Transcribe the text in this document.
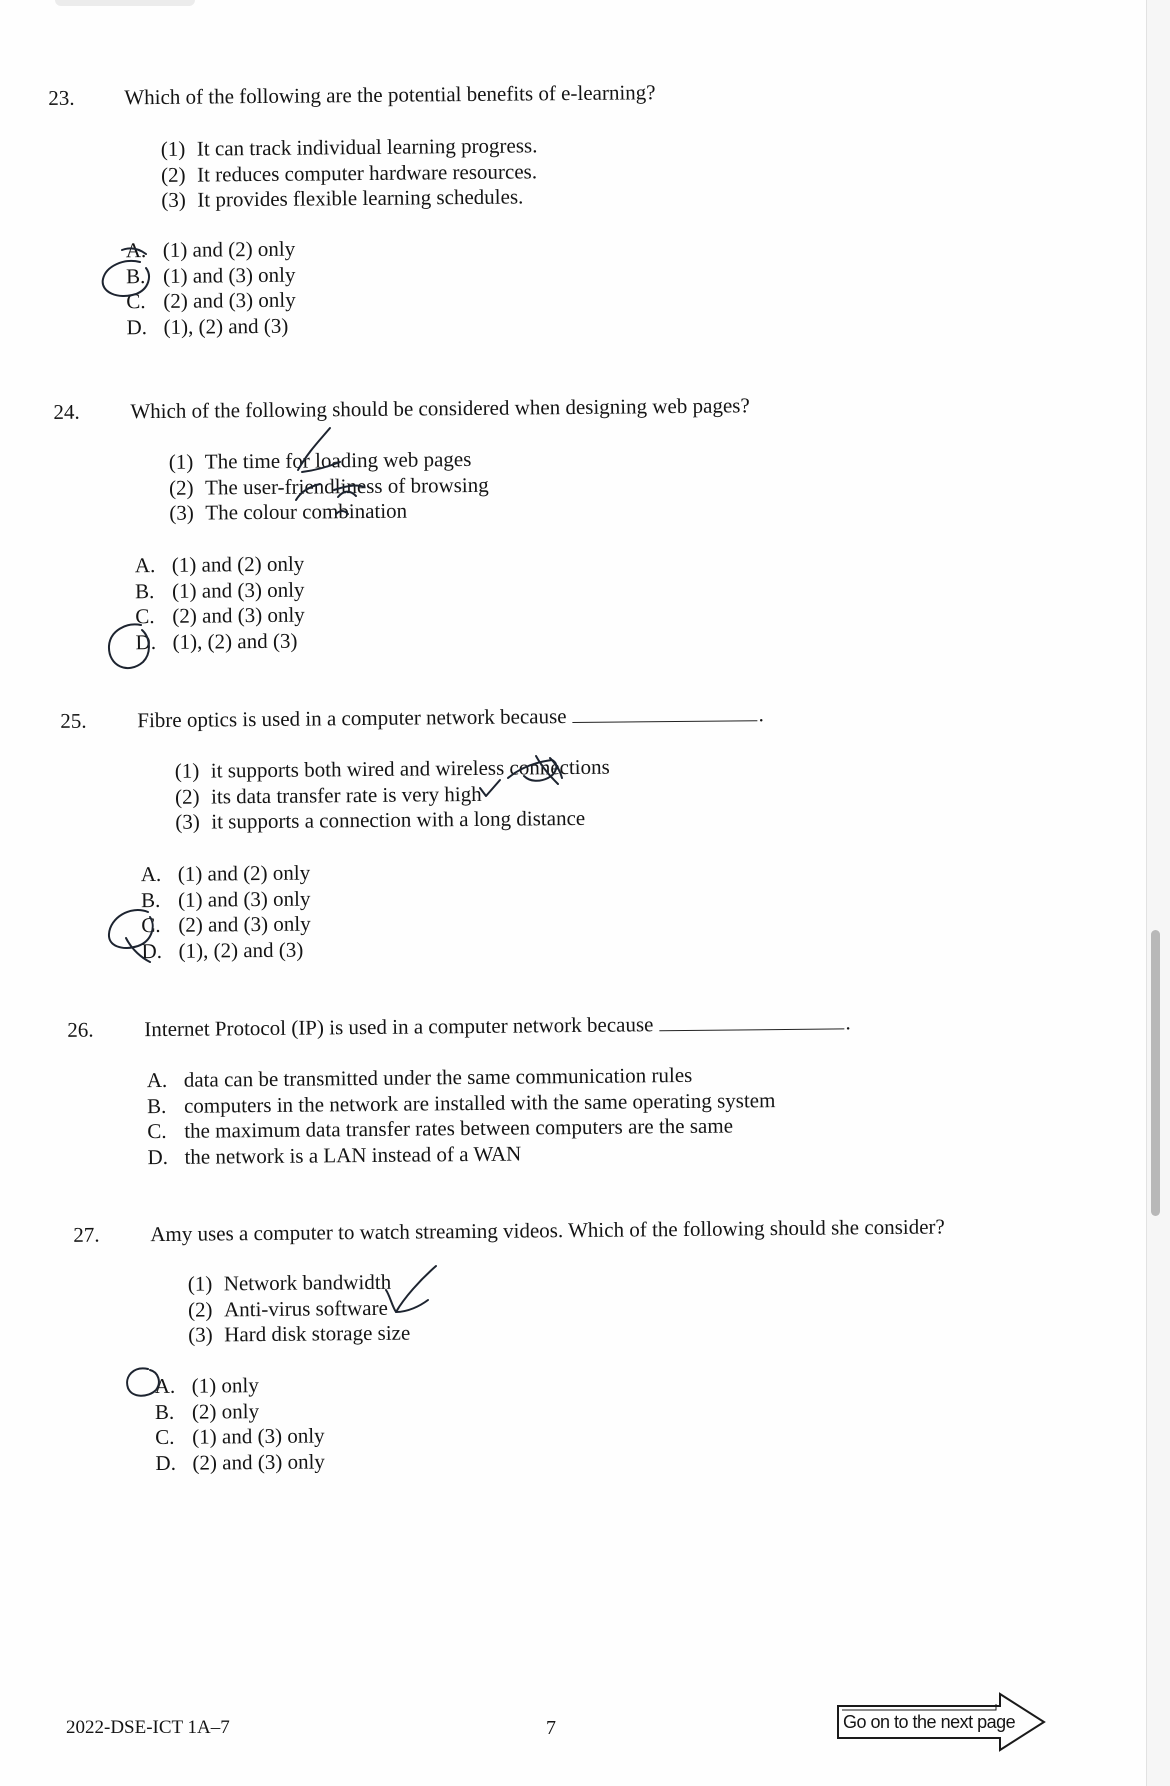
23. Which of the following are the potential benefits of e-learning?
(1) It can track individual learning progress.
(2) It reduces computer hardware resources.
(3) It provides flexible learning schedules.
A. (1) and (2) only
B. (1) and (3) only
C. (2) and (3) only
D. (1), (2) and (3)
24. Which of the following should be considered when designing web pages?
(1) The time for loading web pages
(2) The user-friendliness of browsing
(3) The colour combination
A. (1) and (2) only
B. (1) and (3) only
C. (2) and (3) only
D. (1), (2) and (3)
25. Fibre optics is used in a computer network because	.
(1) it supports both wired and wireless connections
(2) its data transfer rate is very high
(3) it supports a connection with a long distance
A. (1) and (2) only
B. (1) and (3) only
C. (2) and (3) only
D. (1), (2) and (3)
26. Internet Protocol (IP) is used in a computer network because	.
A. data can be transmitted under the same communication rules
B. computers in the network are installed with the same operating system
C. the maximum data transfer rates between computers are the same
D. the network is a LAN instead of a WAN
27. Amy uses a computer to watch streaming videos. Which of the following should she consider?
(1) Network bandwidth
(2) Anti-virus software
(3) Hard disk storage size
A. (1) only
B. (2) only
C. (1) and (3) only
D. (2) and (3) only
2022-DSE-ICT 1A–7	7	Go on to the next page
